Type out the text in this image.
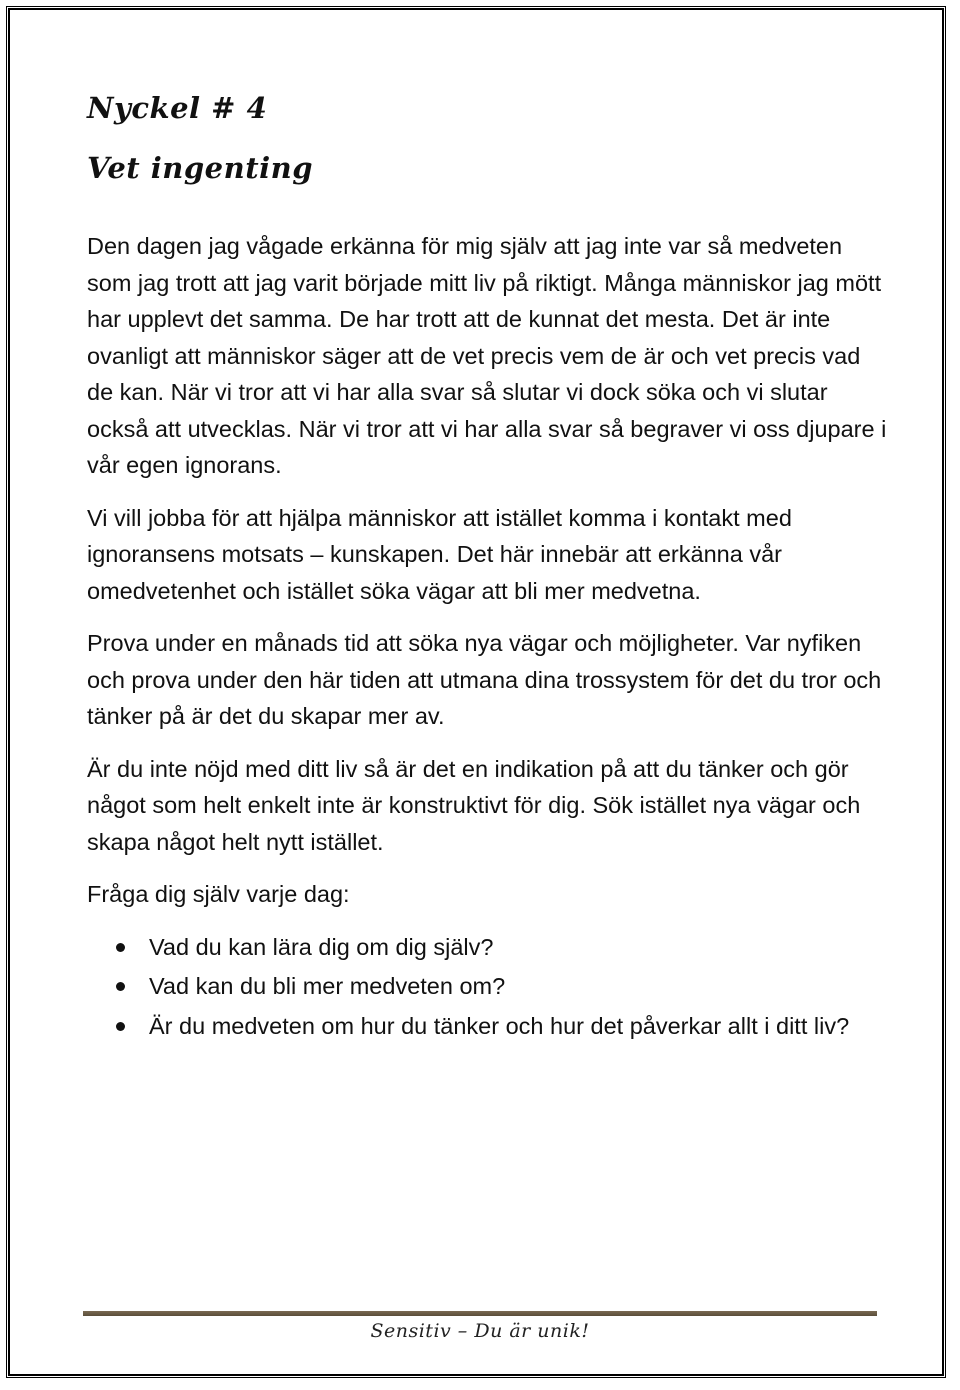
Nyckel # 4
Vet ingenting

Den dagen jag vågade erkänna för mig själv att jag inte var så medveten som jag trott att jag varit började mitt liv på riktigt. Många människor jag mött har upplevt det samma. De har trott att de kunnat det mesta. Det är inte ovanligt att människor säger att de vet precis vem de är och vet precis vad de kan. När vi tror att vi har alla svar så slutar vi dock söka och vi slutar också att utvecklas. När vi tror att vi har alla svar så begraver vi oss djupare i vår egen ignorans.

Vi vill jobba för att hjälpa människor att istället komma i kontakt med ignoransens motsats – kunskapen. Det här innebär att erkänna vår omedvetenhet och istället söka vägar att bli mer medvetna.

Prova under en månads tid att söka nya vägar och möjligheter. Var nyfiken och prova under den här tiden att utmana dina trossystem för det du tror och tänker på är det du skapar mer av.

Är du inte nöjd med ditt liv så är det en indikation på att du tänker och gör något som helt enkelt inte är konstruktivt för dig. Sök istället nya vägar och skapa något helt nytt istället.

Fråga dig själv varje dag:

Vad du kan lära dig om dig själv?
Vad kan du bli mer medveten om?
Är du medveten om hur du tänker och hur det påverkar allt i ditt liv?
Sensitiv – Du är unik!
